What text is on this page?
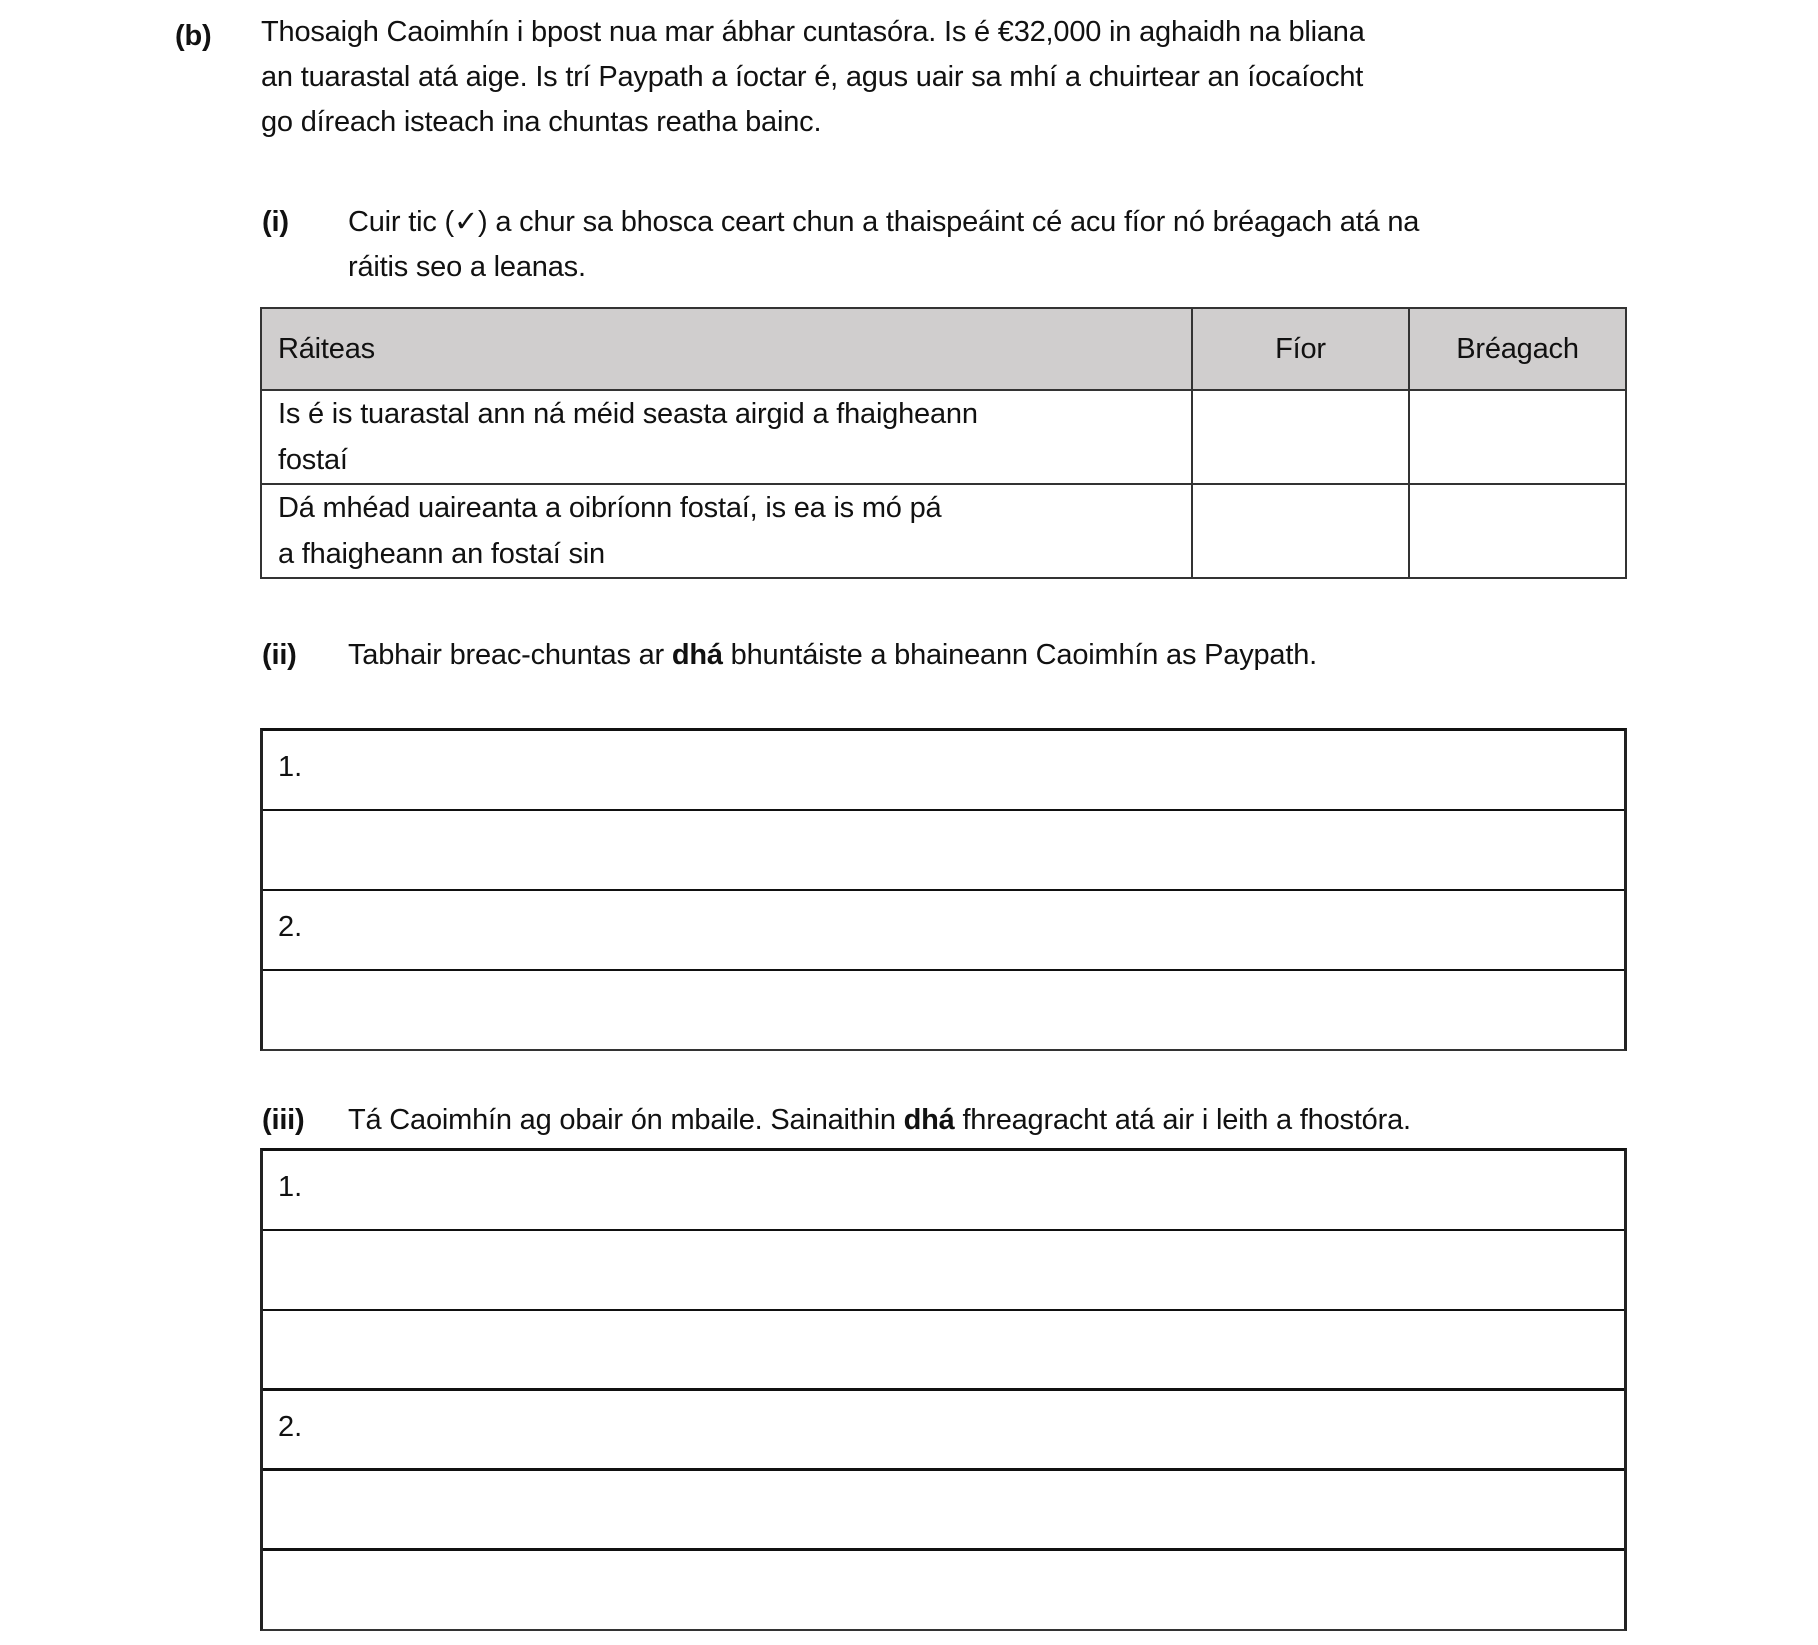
(b) Thosaigh Caoimhín i bpost nua mar ábhar cuntasóra. Is é €32,000 in aghaidh na bliana
an tuarastal atá aige. Is trí Paypath a íoctar é, agus uair sa mhí a chuirtear an íocaíocht
go díreach isteach ina chuntas reatha bainc.
(i) Cuir tic (✓) a chur sa bhosca ceart chun a thaispeáint cé acu fíor nó bréagach atá na
ráitis seo a leanas.
Ráiteas	Fíor	Bréagach

Is é is tuarastal ann ná méid seasta airgid a fhaigheann
fostaí		

Dá mhéad uaireanta a oibríonn fostaí, is ea is mó pá
a fhaigheann an fostaí sin		

(ii) Tabhair breac-chuntas ar dhá bhuntáiste a bhaineann Caoimhín as Paypath.
1.
2.
(iii) Tá Caoimhín ag obair ón mbaile. Sainaithin dhá fhreagracht atá air i leith a fhostóra.
1.
2.
